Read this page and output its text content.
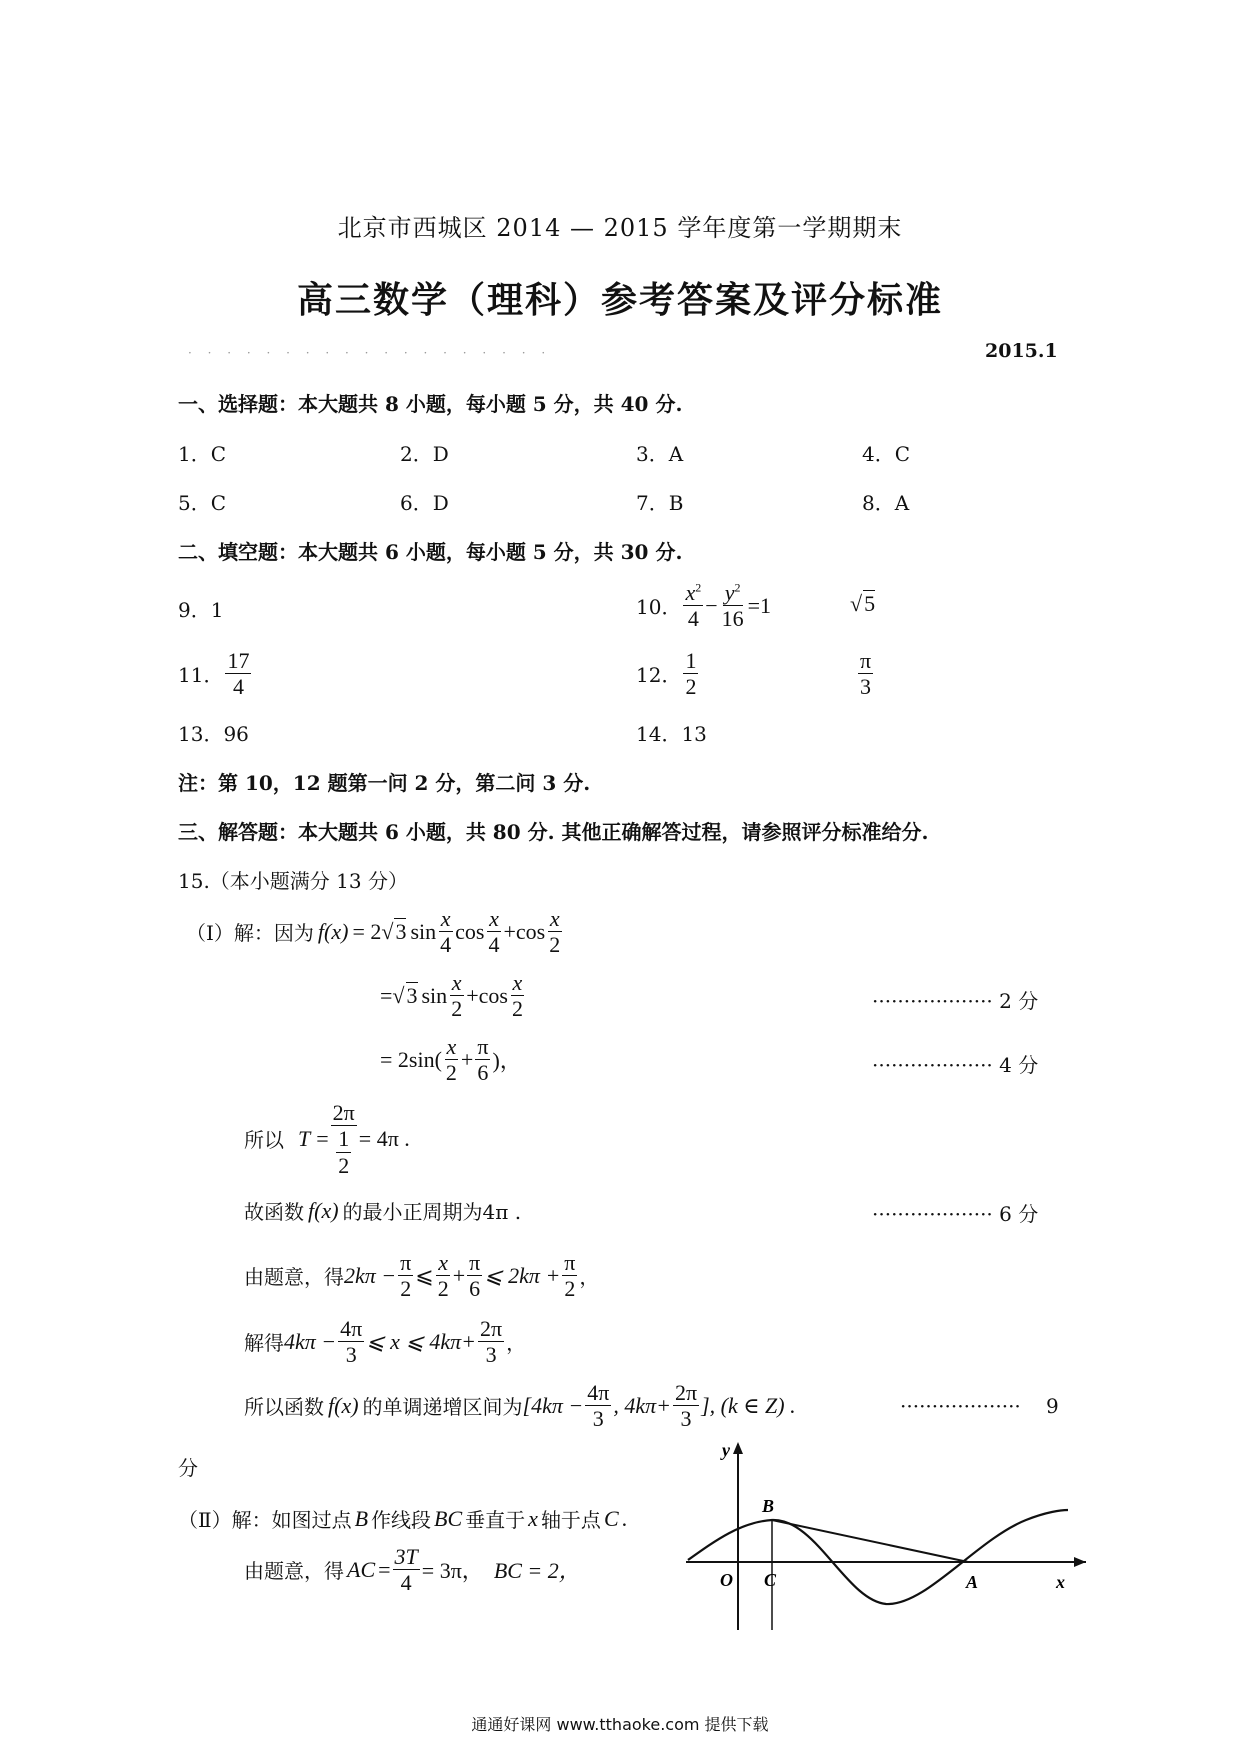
北京市西城区 2014 — 2015 学年度第一学期期末
高三数学（理科）参考答案及评分标准
· · · · · · · · · · · · · · · · · · ·	2015.1
一、选择题：本大题共 8 小题，每小题 5 分，共 40 分.
1．C	2．D	3．A	4．C
5．C	6．D	7．B	8．A
二、填空题：本大题共 6 小题，每小题 5 分，共 30 分.
9．1	10． $\frac{x^2}{4} - \frac{y^2}{16} =1$	√5
11． $\frac{17}{4}$	12． $\frac{1}{2}$	$\frac{\pi}{3}$
13．96	14．13
注：第 10，12 题第一问 2 分，第二问 3 分.
三、解答题：本大题共 6 小题，共 80 分. 其他正确解答过程，请参照评分标准给分.
15.（本小题满分 13 分）
（Ⅰ）解：因为 f(x) = 2 √3 $\sin \frac{x}{4}$ $\cos \frac{x}{4} + \cos \frac{x}{2}$
= √3 $\sin \frac{x}{2} + \cos \frac{x}{2}$	··················· 2 分
= $2\sin( \frac{x}{2} + \frac{\pi}{6}$ )，	··················· 4 分
所以 $T = \frac{2\pi}{\frac{1}{2}} = 4\pi$ .
故函数 f(x) 的最小正周期为4π .	··················· 6 分
由题意，得 $2k\pi - \frac{\pi}{2}$ ⩽ $\frac{x}{2} + \frac{\pi}{6}$ ⩽ $2k\pi + \frac{\pi}{2}$ ，
解得 $4k\pi - \frac{4\pi}{3}$ ⩽ x ⩽ $4k\pi+ \frac{2\pi}{3}$ ，
所以函数 f(x) 的单调递增区间为 [$4k\pi - \frac{4\pi}{3}$ , $4k\pi+ \frac{2\pi}{3}$ ], (k ∈ Z) .	··················· 9
分
（Ⅱ）解：如图过点 B 作线段 BC 垂直于 x 轴于点 C .
由题意，得 AC = $\frac{3T}{4} = 3\pi$， BC = 2，
y
x
O
B
C	A
通通好课网 www.tthaoke.com 提供下载
